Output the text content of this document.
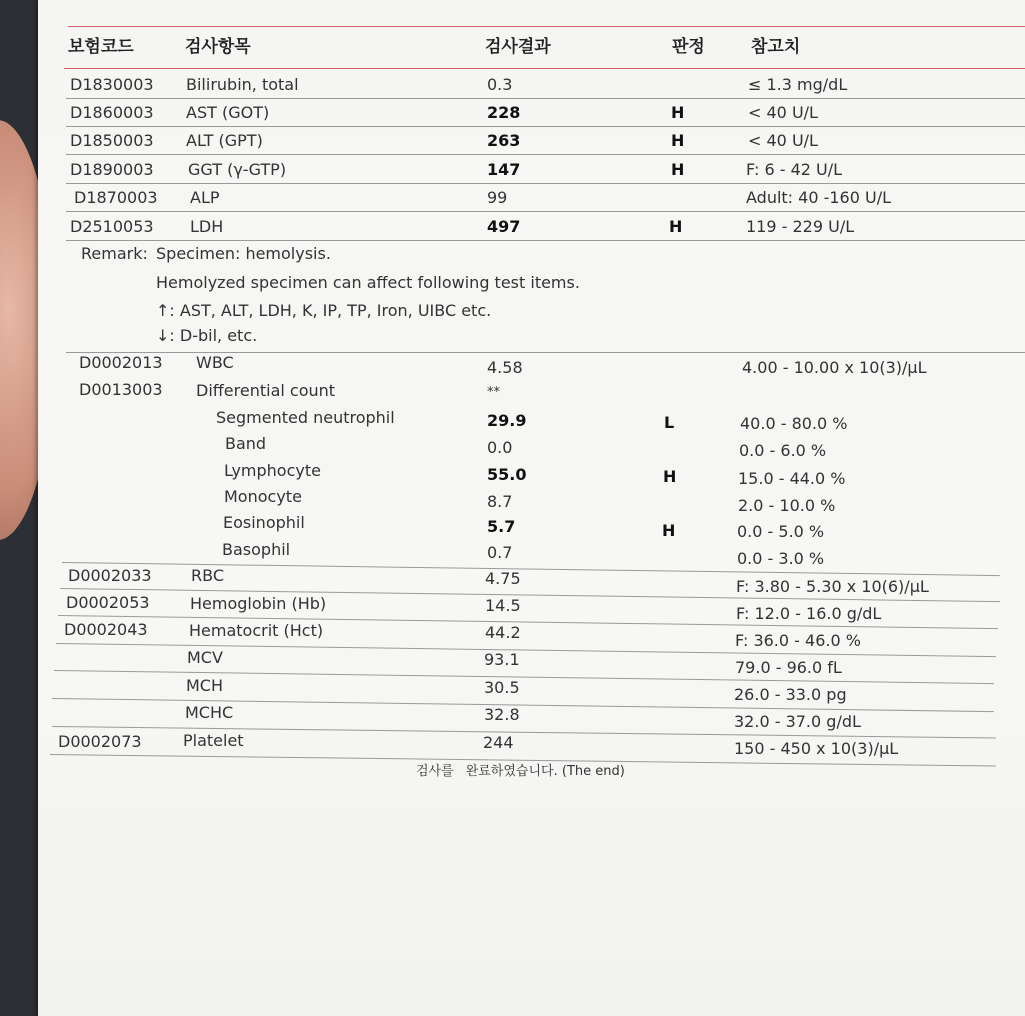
보험코드	검사항목	검사결과	판정	참고치
D1830003 Bilirubin, total	0.3	≤ 1.3 mg/dL
D1860003 AST (GOT)	228	H	< 40 U/L
D1850003 ALT (GPT)	263	H	< 40 U/L
D1890003 GGT (γ-GTP)	147	H	F: 6 - 42 U/L
D1870003 ALP	99	Adult: 40 -160 U/L
D2510053 LDH	497	H	119 - 229 U/L
Remark: Specimen: hemolysis.
Hemolyzed specimen can affect following test items.
↑: AST, ALT, LDH, K, IP, TP, Iron, UIBC etc.
↓: D-bil, etc.
D0002013 WBC	4.58	4.00 - 10.00 x 10(3)/μL
D0013003 Differential count	**
Segmented neutrophil	29.9	L	40.0 - 80.0 %
Band	0.0	0.0 - 6.0 %
Lymphocyte	55.0	H	15.0 - 44.0 %
Monocyte	8.7	2.0 - 10.0 %
Eosinophil	5.7	H	0.0 - 5.0 %
Basophil	0.7	0.0 - 3.0 %
D0002033 RBC	4.75	F: 3.80 - 5.30 x 10(6)/μL
D0002053	Hemoglobin (Hb)	14.5	F: 12.0 - 16.0 g/dL
D0002043	Hematocrit (Hct)	44.2	F: 36.0 - 46.0 %
MCV	93.1	79.0 - 96.0 fL
MCH	30.5	26.0 - 33.0 pg
MCHC	32.8	32.0 - 37.0 g/dL
D0002073	Platelet	244	150 - 450 x 10(3)/μL
검사를 완료하였습니다. (The end)
